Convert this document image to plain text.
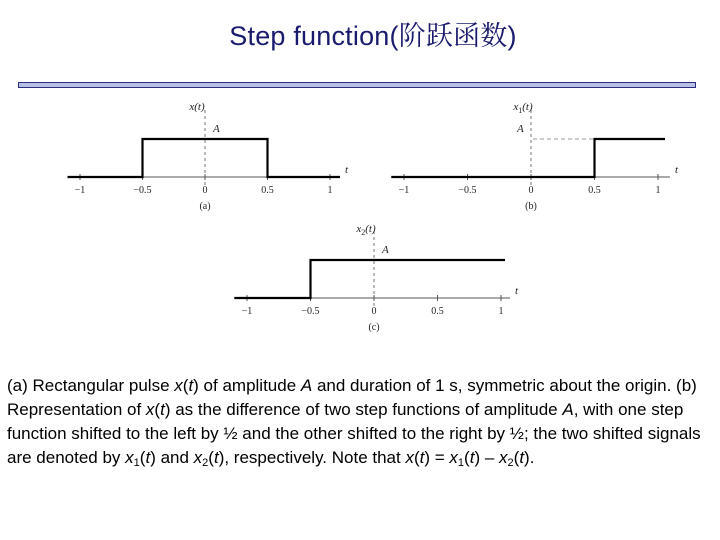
Step function(阶跃函数)
−1	−0.5	0	0.5	1
t
x(t)
A
(a)
−1	−0.5	0	0.5	1
t
$x_1(t)$
A
(b)
−1	−0.5	0	0.5	1
t
$x_2(t)$
A
(c)
(a) Rectangular pulse x(t) of amplitude A and duration of 1 s, symmetric about the origin. (b) Representation of x(t) as the difference of two step functions of amplitude A, with one step function shifted to the left by ½ and the other shifted to the right by ½; the two shifted signals are denoted by $x_1(t)$ and $x_2(t)$, respectively. Note that $x(t) = x_1(t) - x_2(t)$.
